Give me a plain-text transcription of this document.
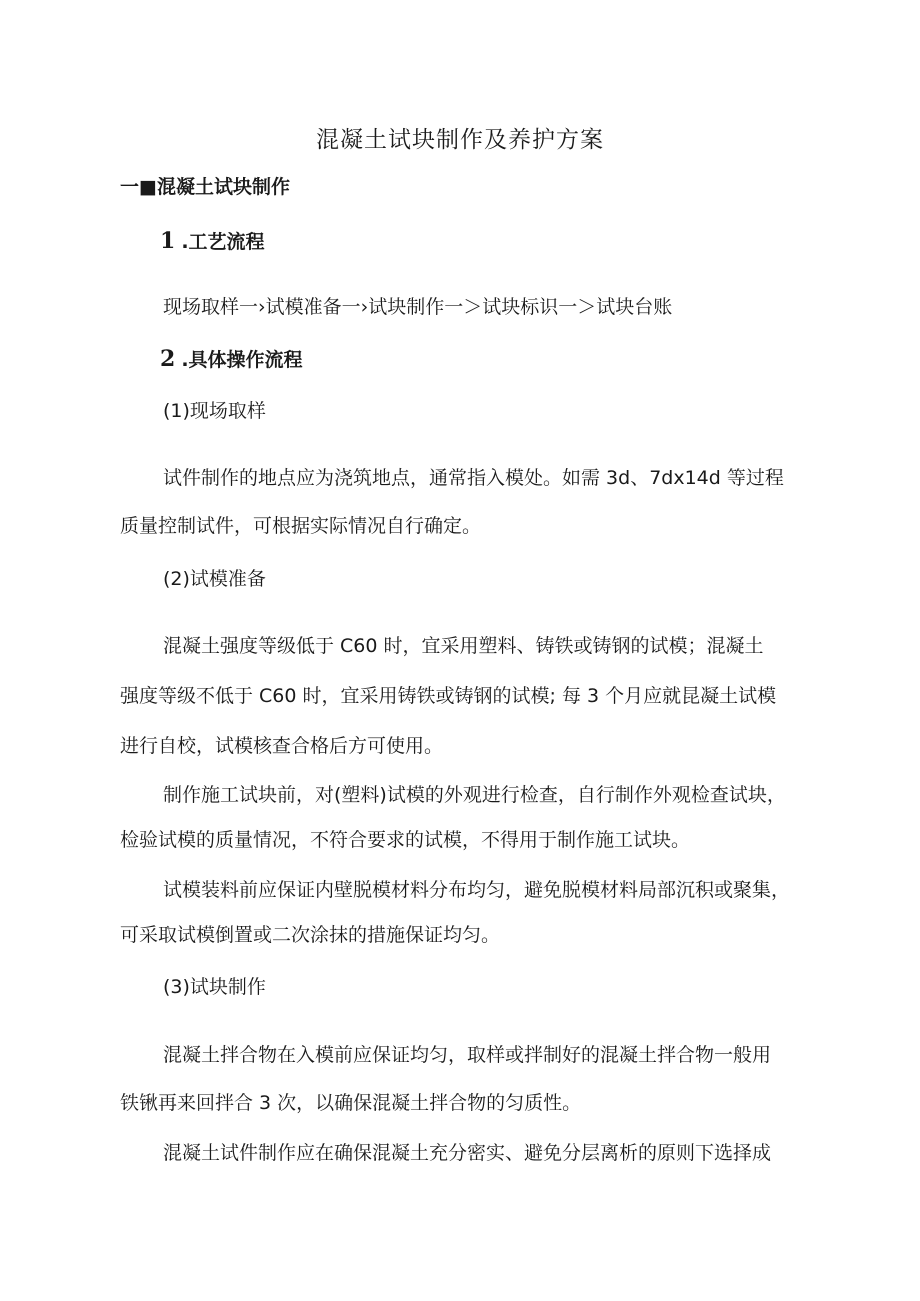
混凝土试块制作及养护方案
一■混凝土试块制作
1 .工艺流程
现场取样一›试模准备一›试块制作一＞试块标识一＞试块台账
2 .具体操作流程
(1)现场取样
试件制作的地点应为浇筑地点，通常指入模处。如需 3d、7dx14d 等过程
质量控制试件，可根据实际情况自行确定。
(2)试模准备
混凝土强度等级低于 C60 时，宜采用塑料、铸铁或铸钢的试模；混凝土
强度等级不低于 C60 时，宜采用铸铁或铸钢的试模; 每 3 个月应就昆凝土试模
进行自校，试模核查合格后方可使用。
制作施工试块前，对(塑料)试模的外观进行检查，自行制作外观检查试块，
检验试模的质量情况，不符合要求的试模，不得用于制作施工试块。
试模装料前应保证内壁脱模材料分布均匀，避免脱模材料局部沉积或聚集，
可采取试模倒置或二次涂抹的措施保证均匀。
(3)试块制作
混凝土拌合物在入模前应保证均匀，取样或拌制好的混凝土拌合物一般用
铁锹再来回拌合 3 次，以确保混凝土拌合物的匀质性。
混凝土试件制作应在确保混凝土充分密实、避免分层离析的原则下选择成
